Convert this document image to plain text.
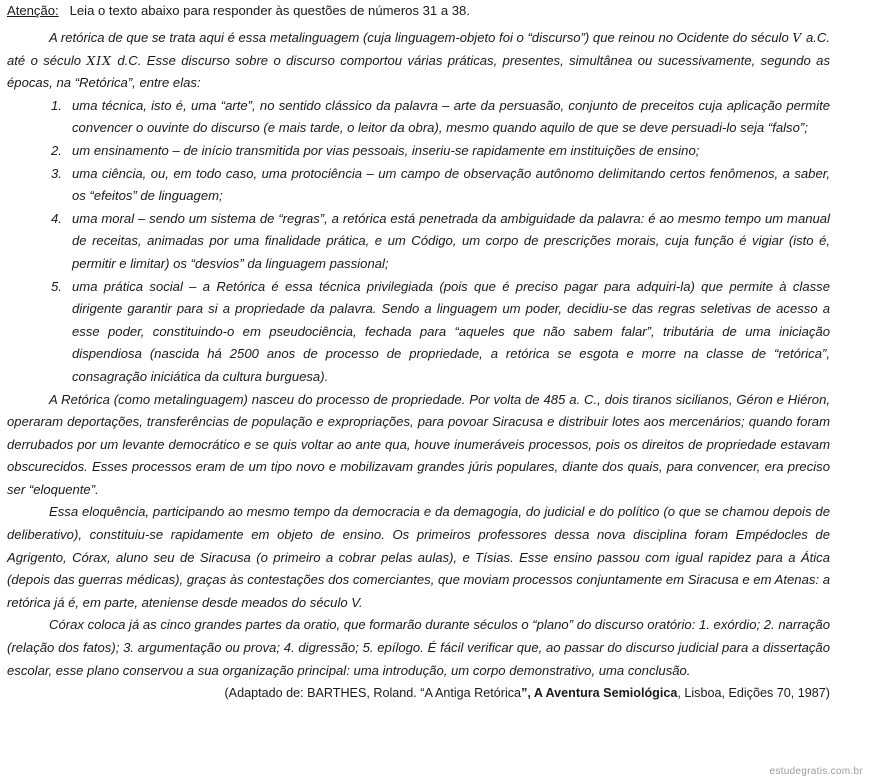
Atenção: Leia o texto abaixo para responder às questões de números 31 a 38.

A retórica de que se trata aqui é essa metalinguagem (cuja linguagem-objeto foi o “discurso”) que reinou no Ocidente do século V a.C. até o século XIX d.C. Esse discurso sobre o discurso comportou várias práticas, presentes, simultânea ou sucessivamente, segundo as épocas, na “Retórica”, entre elas:

1. uma técnica, isto é, uma “arte”, no sentido clássico da palavra – arte da persuasão, conjunto de preceitos cuja aplicação permite convencer o ouvinte do discurso (e mais tarde, o leitor da obra), mesmo quando aquilo de que se deve persuadi-lo seja “falso”;
2. um ensinamento – de início transmitida por vias pessoais, inseriu-se rapidamente em instituições de ensino;
3. uma ciência, ou, em todo caso, uma protociência – um campo de observação autônomo delimitando certos fenômenos, a saber, os “efeitos” de linguagem;
4. uma moral – sendo um sistema de “regras”, a retórica está penetrada da ambiguidade da palavra: é ao mesmo tempo um manual de receitas, animadas por uma finalidade prática, e um Código, um corpo de prescrições morais, cuja função é vigiar (isto é, permitir e limitar) os “desvios” da linguagem passional;
5. uma prática social – a Retórica é essa técnica privilegiada (pois que é preciso pagar para adquiri-la) que permite à classe dirigente garantir para si a propriedade da palavra. Sendo a linguagem um poder, decidiu-se das regras seletivas de acesso a esse poder, constituindo-o em pseudociência, fechada para “aqueles que não sabem falar”, tributária de uma iniciação dispendiosa (nascida há 2500 anos de processo de propriedade, a retórica se esgota e morre na classe de “retórica”, consagração iniciática da cultura burguesa).

A Retórica (como metalinguagem) nasceu do processo de propriedade. Por volta de 485 a. C., dois tiranos sicilianos, Géron e Hiéron, operaram deportações, transferências de população e expropriações, para povoar Siracusa e distribuir lotes aos mercenários; quando foram derrubados por um levante democrático e se quis voltar ao ante qua, houve inumeráveis processos, pois os direitos de propriedade estavam obscurecidos. Esses processos eram de um tipo novo e mobilizavam grandes júris populares, diante dos quais, para convencer, era preciso ser “eloquente”.

Essa eloquência, participando ao mesmo tempo da democracia e da demagogia, do judicial e do político (o que se chamou depois de deliberativo), constituiu-se rapidamente em objeto de ensino. Os primeiros professores dessa nova disciplina foram Empédocles de Agrigento, Córax, aluno seu de Siracusa (o primeiro a cobrar pelas aulas), e Tísias. Esse ensino passou com igual rapidez para a Ática (depois das guerras médicas), graças às contestações dos comerciantes, que moviam processos conjuntamente em Siracusa e em Atenas: a retórica já é, em parte, ateniense desde meados do século V.

Córax coloca já as cinco grandes partes da oratio, que formarão durante séculos o “plano” do discurso oratório: 1. exórdio; 2. narração (relação dos fatos); 3. argumentação ou prova; 4. digressão; 5. epílogo. É fácil verificar que, ao passar do discurso judicial para a dissertação escolar, esse plano conservou a sua organização principal: uma introdução, um corpo demonstrativo, uma conclusão.

(Adaptado de: BARTHES, Roland. “A Antiga Retórica”, A Aventura Semiológica, Lisboa, Edições 70, 1987)
estudegratis.com.br
